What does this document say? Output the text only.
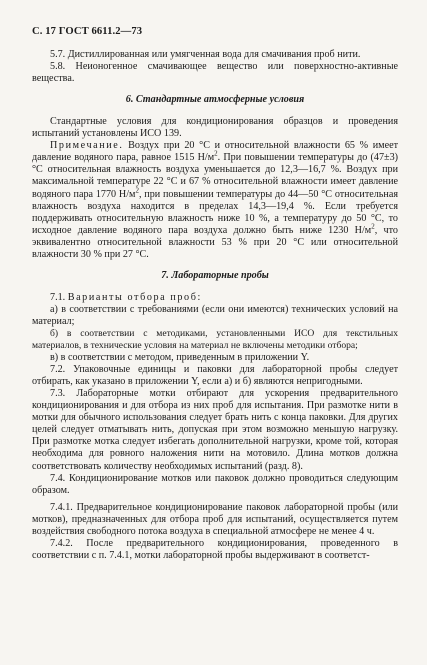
С. 17 ГОСТ 6611.2—73

5.7. Дистиллированная или умягченная вода для смачивания проб нити.

5.8. Неионогенное смачивающее вещество или поверхностно-активные вещества.

6. Стандартные атмосферные условия

Стандартные условия для кондиционирования образцов и проведения испытаний установлены ИСО 139.

Примечание. Воздух при 20 °С и относительной влажности 65 % имеет давление водяного пара, равное 1515 $Н/м^2$. При повышении температуры до (47±3) °С относительная влажность воздуха уменьшается до 12,3—16,7 %. Воздух при максимальной температуре 22 °С и 67 % относительной влажности имеет давление водяного пара 1770 $Н/м^2$, при повышении температуры до 44—50 °С относительная влажность воздуха находится в пределах 14,3—19,4 %. Если требуется поддерживать относительную влажность ниже 10 %, а температуру до 50 °С, то исходное давление водяного пара воздуха должно быть ниже 1230 $Н/м^2$, что эквивалентно относительной влажности 53 % при 20 °С или относительной влажности 30 % при 27 °С.

7. Лабораторные пробы

7.1. Варианты отбора проб:

а) в соответствии с требованиями (если они имеются) технических условий на материал;

б) в соответствии с методиками, установленными ИСО для текстильных материалов, в технические условия на материал не включены методики отбора;

в) в соответствии с методом, приведенным в приложении Y.

7.2. Упаковочные единицы и паковки для лабораторной пробы следует отбирать, как указано в приложении Y, если а) и б) являются непригодными.

7.3. Лабораторные мотки отбирают для ускорения предварительного кондиционирования и для отбора из них проб для испытания. При размотке нити в мотки для обычного использования следует брать нить с конца паковки. Для других целей следует отматывать нить, допуская при этом возможно меньшую нагрузку. При размотке мотка следует избегать дополнительной нагрузки, кроме той, которая необходима для ровного наложения нити на мотовило. Длина мотков должна соответствовать количеству необходимых испытаний (разд. 8).

7.4. Кондиционирование мотков или паковок должно проводиться следующим образом.

7.4.1. Предварительное кондиционирование паковок лабораторной пробы (или мотков), предназначенных для отбора проб для испытаний, осуществляется путем воздействия свободного потока воздуха в специальной атмосфере не менее 4 ч.

7.4.2. После предварительного кондиционирования, проведенного в соответствии с п. 7.4.1, мотки лабораторной пробы выдерживают в соответст-
